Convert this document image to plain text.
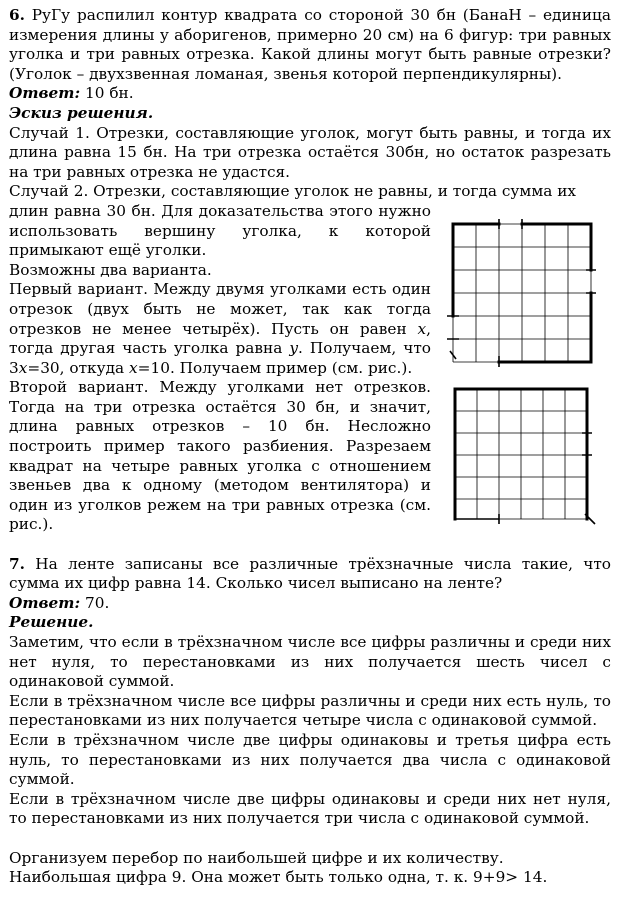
6. РуГу распилил контур квадрата со стороной 30 бн (БанаН – единица измерения длины у аборигенов, примерно 20 см) на 6 фигур: три равных уголка и три равных отрезка. Какой длины могут быть равные отрезки? (Уголок – двухзвенная ломаная, звенья которой перпендикулярны).

Ответ: 10 бн.

Эскиз решения.

Случай 1. Отрезки, составляющие уголок, могут быть равны, и тогда их длина равна 15 бн. На три отрезка остаётся 30бн, но остаток разрезать на три равных отрезка не удастся.

Случай 2. Отрезки, составляющие уголок не равны, и тогда сумма их

длин равна 30 бн. Для доказательства этого нужно использовать вершину уголка, к которой примыкают ещё уголки.

Возможны два варианта.

Первый вариант. Между двумя уголками есть один отрезок (двух быть не может, так как тогда отрезков не менее четырёх). Пусть он равен x, тогда другая часть уголка равна y. Получаем, что 3x=30, откуда x=10. Получаем пример (см. рис.).

Второй вариант. Между уголками нет отрезков. Тогда на три отрезка остаётся 30 бн, и значит, длина равных отрезков – 10 бн. Несложно построить пример такого разбиения. Разрезаем квадрат на четыре равных уголка с отношением звеньев два к одному (методом вентилятора) и один из уголков режем на три равных отрезка (см. рис.).

7. На ленте записаны все различные трёхзначные числа такие, что сумма их цифр равна 14. Сколько чисел выписано на ленте?

Ответ: 70.

Решение.

Заметим, что если в трёхзначном числе все цифры различны и среди них нет нуля, то перестановками из них получается шесть чисел с одинаковой суммой.

Если в трёхзначном числе все цифры различны и среди них есть нуль, то перестановками из них получается четыре числа с одинаковой суммой.

Если в трёхзначном числе две цифры одинаковы и третья цифра есть нуль, то перестановками из них получается два числа с одинаковой суммой.

Если в трёхзначном числе две цифры одинаковы и среди них нет нуля, то перестановками из них получается три числа с одинаковой суммой.

Организуем перебор по наибольшей цифре и их количеству.

Наибольшая цифра 9. Она может быть только одна, т. к. 9+9> 14.
